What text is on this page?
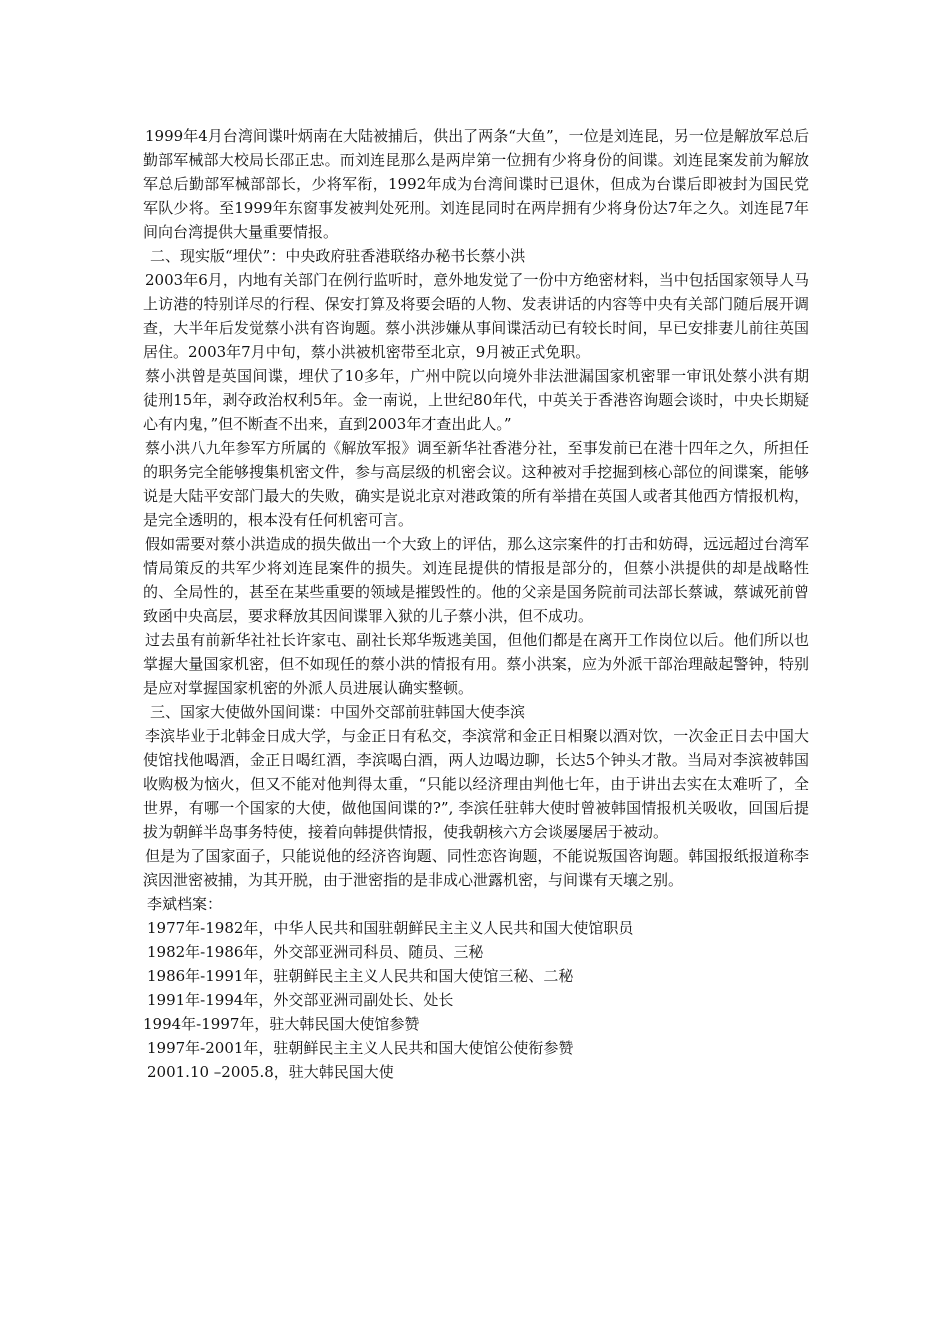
1999年4月台湾间谍叶炳南在大陆被捕后，供出了两条“大鱼”，一位是刘连昆，另一位是解放军总后勤部军械部大校局长邵正忠。而刘连昆那么是两岸第一位拥有少将身份的间谍。刘连昆案发前为解放军总后勤部军械部部长，少将军衔，1992年成为台湾间谍时已退休，但成为台谍后即被封为国民党军队少将。至1999年东窗事发被判处死刑。刘连昆同时在两岸拥有少将身份达7年之久。刘连昆7年间向台湾提供大量重要情报。

二、现实版“埋伏”：中央政府驻香港联络办秘书长蔡小洪

2003年6月，内地有关部门在例行监听时，意外地发觉了一份中方绝密材料，当中包括国家领导人马上访港的特别详尽的行程、保安打算及将要会晤的人物、发表讲话的内容等中央有关部门随后展开调查，大半年后发觉蔡小洪有咨询题。蔡小洪涉嫌从事间谍活动已有较长时间，早已安排妻儿前往英国居住。2003年7月中旬，蔡小洪被机密带至北京，9月被正式免职。

蔡小洪曾是英国间谍，埋伏了10多年，广州中院以向境外非法泄漏国家机密罪一审讯处蔡小洪有期徒刑15年，剥夺政治权利5年。金一南说，上世纪80年代，中英关于香港咨询题会谈时，中央长期疑心有内鬼，”但不断查不出来，直到2003年才查出此人。”

蔡小洪八九年参军方所属的《解放军报》调至新华社香港分社，至事发前已在港十四年之久，所担任的职务完全能够搜集机密文件，参与高层级的机密会议。这种被对手挖掘到核心部位的间谍案，能够说是大陆平安部门最大的失败，确实是说北京对港政策的所有举措在英国人或者其他西方情报机构，是完全透明的，根本没有任何机密可言。

假如需要对蔡小洪造成的损失做出一个大致上的评估，那么这宗案件的打击和妨碍，远远超过台湾军情局策反的共军少将刘连昆案件的损失。刘连昆提供的情报是部分的，但蔡小洪提供的却是战略性的、全局性的，甚至在某些重要的领域是摧毁性的。他的父亲是国务院前司法部长蔡诚，蔡诚死前曾致函中央高层，要求释放其因间谍罪入狱的儿子蔡小洪，但不成功。

过去虽有前新华社社长许家屯、副社长郑华叛逃美国，但他们都是在离开工作岗位以后。他们所以也掌握大量国家机密，但不如现任的蔡小洪的情报有用。蔡小洪案，应为外派干部治理敲起警钟，特别是应对掌握国家机密的外派人员进展认确实整顿。

三、国家大使做外国间谍：中国外交部前驻韩国大使李滨

李滨毕业于北韩金日成大学，与金正日有私交，李滨常和金正日相聚以酒对饮，一次金正日去中国大使馆找他喝酒，金正日喝红酒，李滨喝白酒，两人边喝边聊，长达5个钟头才散。当局对李滨被韩国收购极为恼火，但又不能对他判得太重，“只能以经济理由判他七年，由于讲出去实在太难听了，全世界，有哪一个国家的大使，做他国间谍的?”, 李滨任驻韩大使时曾被韩国情报机关吸收，回国后提拔为朝鲜半岛事务特使，接着向韩提供情报，使我朝核六方会谈屡屡居于被动。

但是为了国家面子，只能说他的经济咨询题、同性恋咨询题，不能说叛国咨询题。韩国报纸报道称李滨因泄密被捕，为其开脱，由于泄密指的是非成心泄露机密，与间谍有天壤之别。

李斌档案：

1977年-1982年，中华人民共和国驻朝鲜民主主义人民共和国大使馆职员

1982年-1986年，外交部亚洲司科员、随员、三秘

1986年-1991年，驻朝鲜民主主义人民共和国大使馆三秘、二秘

1991年-1994年，外交部亚洲司副处长、处长

1994年-1997年，驻大韩民国大使馆参赞

1997年-2001年，驻朝鲜民主主义人民共和国大使馆公使衔参赞

2001.10 –2005.8，驻大韩民国大使
